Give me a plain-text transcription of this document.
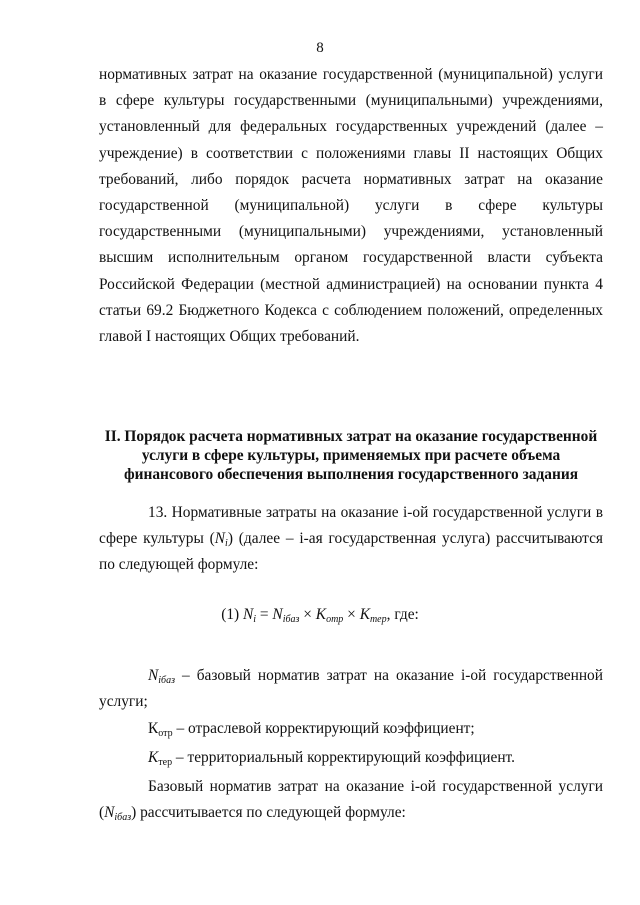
8

нормативных затрат на оказание государственной (муниципальной) услуги в сфере культуры государственными (муниципальными) учреждениями, установленный для федеральных государственных учреждений (далее – учреждение) в соответствии с положениями главы II настоящих Общих требований, либо порядок расчета нормативных затрат на оказание государственной (муниципальной) услуги в сфере культуры государственными (муниципальными) учреждениями, установленный высшим исполнительным органом государственной власти субъекта Российской Федерации (местной администрацией) на основании пункта 4 статьи 69.2 Бюджетного Кодекса с соблюдением положений, определенных главой I настоящих Общих требований.

II. Порядок расчета нормативных затрат на оказание государственной услуги в сфере культуры, применяемых при расчете объема финансового обеспечения выполнения государственного задания

13. Нормативные затраты на оказание i-ой государственной услуги в сфере культуры $(N_i)$ (далее – i-ая государственная услуга) рассчитываются по следующей формуле:

(1) $N_i = N_{iбаз} \times K_{отр} \times K_{тер}$, где:

$N_{iбаз}$ – базовый норматив затрат на оказание i-ой государственной услуги;

$К_{отр}$ – отраслевой корректирующий коэффициент;

$K_{тер}$ – территориальный корректирующий коэффициент.

Базовый норматив затрат на оказание i-ой государственной услуги $(N_{iбаз})$ рассчитывается по следующей формуле:
